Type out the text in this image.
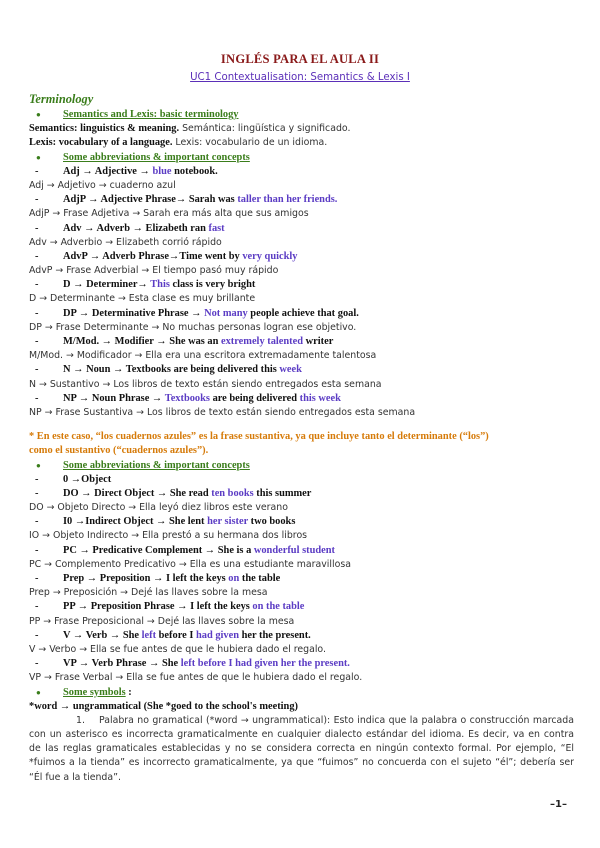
INGLÉS PARA EL AULA II
UC1 Contextualisation: Semantics & Lexis I
Terminology
● Semantics and Lexis: basic terminology
Semantics: linguistics & meaning. Semántica: lingüística y significado.
Lexis: vocabulary of a language. Lexis: vocabulario de un idioma.
● Some abbreviations & important concepts
- Adj → Adjective → blue notebook.
Adj → Adjetivo → cuaderno azul
- AdjP → Adjective Phrase→ Sarah was taller than her friends.
AdjP → Frase Adjetiva → Sarah era más alta que sus amigos
- Adv → Adverb → Elizabeth ran fast
Adv → Adverbio → Elizabeth corrió rápido
- AdvP → Adverb Phrase→Time went by very quickly
AdvP → Frase Adverbial → El tiempo pasó muy rápido
- D → Determiner→ This class is very bright
D → Determinante → Esta clase es muy brillante
- DP → Determinative Phrase → Not many people achieve that goal.
DP → Frase Determinante → No muchas personas logran ese objetivo.
- M/Mod. → Modifier → She was an extremely talented writer
M/Mod. → Modificador → Ella era una escritora extremadamente talentosa
- N → Noun → Textbooks are being delivered this week
N → Sustantivo → Los libros de texto están siendo entregados esta semana
- NP → Noun Phrase → Textbooks are being delivered this week
NP → Frase Sustantiva → Los libros de texto están siendo entregados esta semana
* En este caso, “los cuadernos azules” es la frase sustantiva, ya que incluye tanto el determinante (“los”)
como el sustantivo (“cuadernos azules”).
● Some abbreviations & important concepts
- 0 →Object
- DO → Direct Object → She read ten books this summer
DO → Objeto Directo → Ella leyó diez libros este verano
- I0 →Indirect Object → She lent her sister two books
IO → Objeto Indirecto → Ella prestó a su hermana dos libros
- PC → Predicative Complement → She is a wonderful student
PC → Complemento Predicativo → Ella es una estudiante maravillosa
- Prep → Preposition → I left the keys on the table
Prep → Preposición → Dejé las llaves sobre la mesa
- PP → Preposition Phrase → I left the keys on the table
PP → Frase Preposicional → Dejé las llaves sobre la mesa
- V → Verb → She left before I had given her the present.
V → Verbo → Ella se fue antes de que le hubiera dado el regalo.
- VP → Verb Phrase → She left before I had given her the present.
VP → Frase Verbal → Ella se fue antes de que le hubiera dado el regalo.
● Some symbols :
*word → ungrammatical (She *goed to the school's meeting)
1. Palabra no gramatical (*word → ungrammatical): Esto indica que la palabra o construcción marcada con un asterisco es incorrecta gramaticalmente en cualquier dialecto estándar del idioma. Es decir, va en contra de las reglas gramaticales establecidas y no se considera correcta en ningún contexto formal. Por ejemplo, “El *fuimos a la tienda” es incorrecto gramaticalmente, ya que “fuimos” no concuerda con el sujeto “él”; debería ser “Él fue a la tienda”.
–1–
